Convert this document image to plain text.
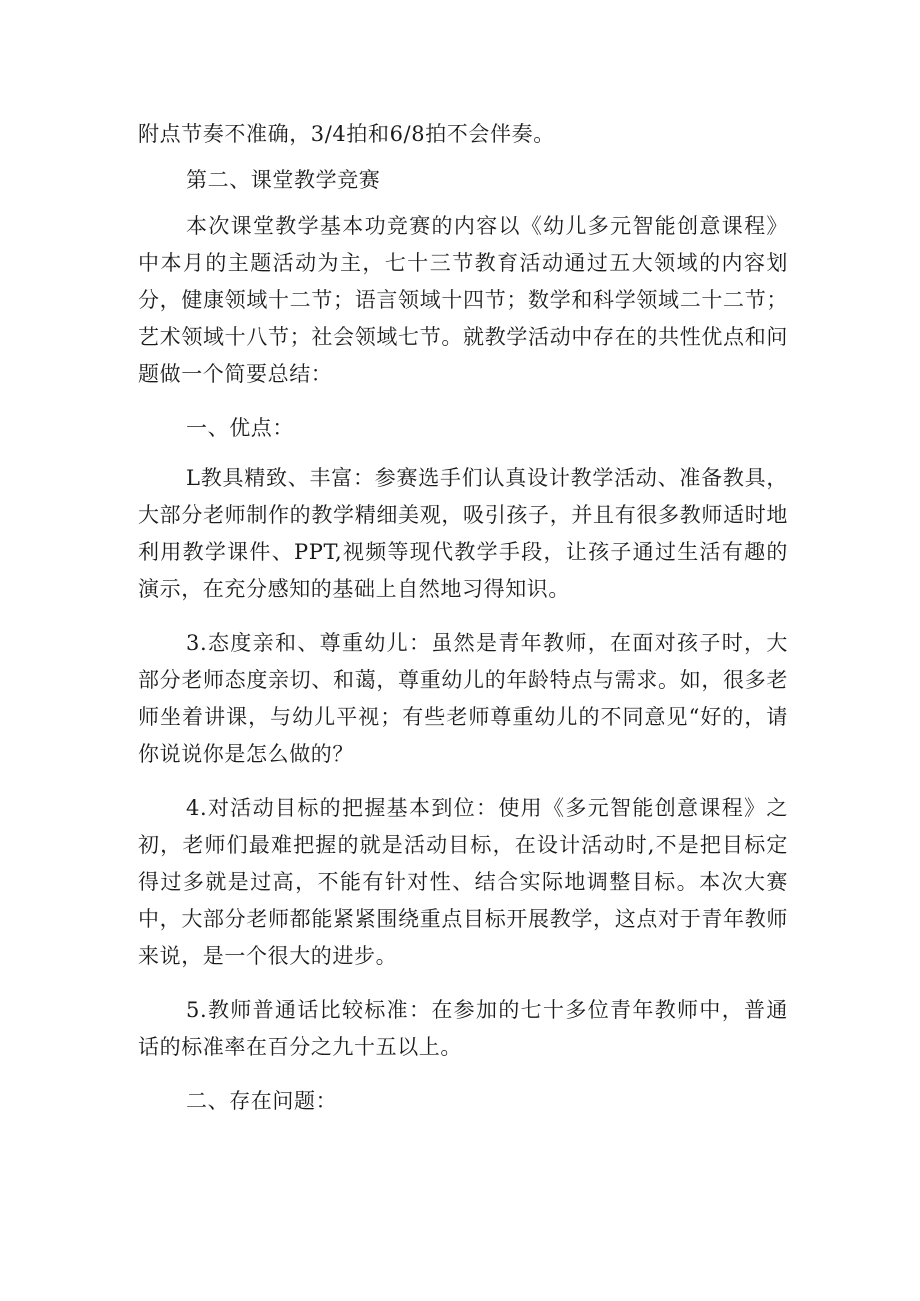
附点节奏不准确，3/4拍和6/8拍不会伴奏。

第二、课堂教学竞赛

本次课堂教学基本功竞赛的内容以《幼儿多元智能创意课程》中本月的主题活动为主，七十三节教育活动通过五大领域的内容划分，健康领域十二节；语言领域十四节；数学和科学领域二十二节；艺术领域十八节；社会领域七节。就教学活动中存在的共性优点和问题做一个简要总结：

一、优点：

L教具精致、丰富：参赛选手们认真设计教学活动、准备教具，大部分老师制作的教学精细美观，吸引孩子，并且有很多教师适时地利用教学课件、PPT,视频等现代教学手段，让孩子通过生活有趣的演示，在充分感知的基础上自然地习得知识。

3.态度亲和、尊重幼儿：虽然是青年教师，在面对孩子时，大部分老师态度亲切、和蔼，尊重幼儿的年龄特点与需求。如，很多老师坐着讲课，与幼儿平视；有些老师尊重幼儿的不同意见“好的，请你说说你是怎么做的？

4.对活动目标的把握基本到位：使用《多元智能创意课程》之初，老师们最难把握的就是活动目标，在设计活动时,不是把目标定得过多就是过高，不能有针对性、结合实际地调整目标。本次大赛中，大部分老师都能紧紧围绕重点目标开展教学，这点对于青年教师来说，是一个很大的进步。

5.教师普通话比较标准：在参加的七十多位青年教师中，普通话的标准率在百分之九十五以上。

二、存在问题：
